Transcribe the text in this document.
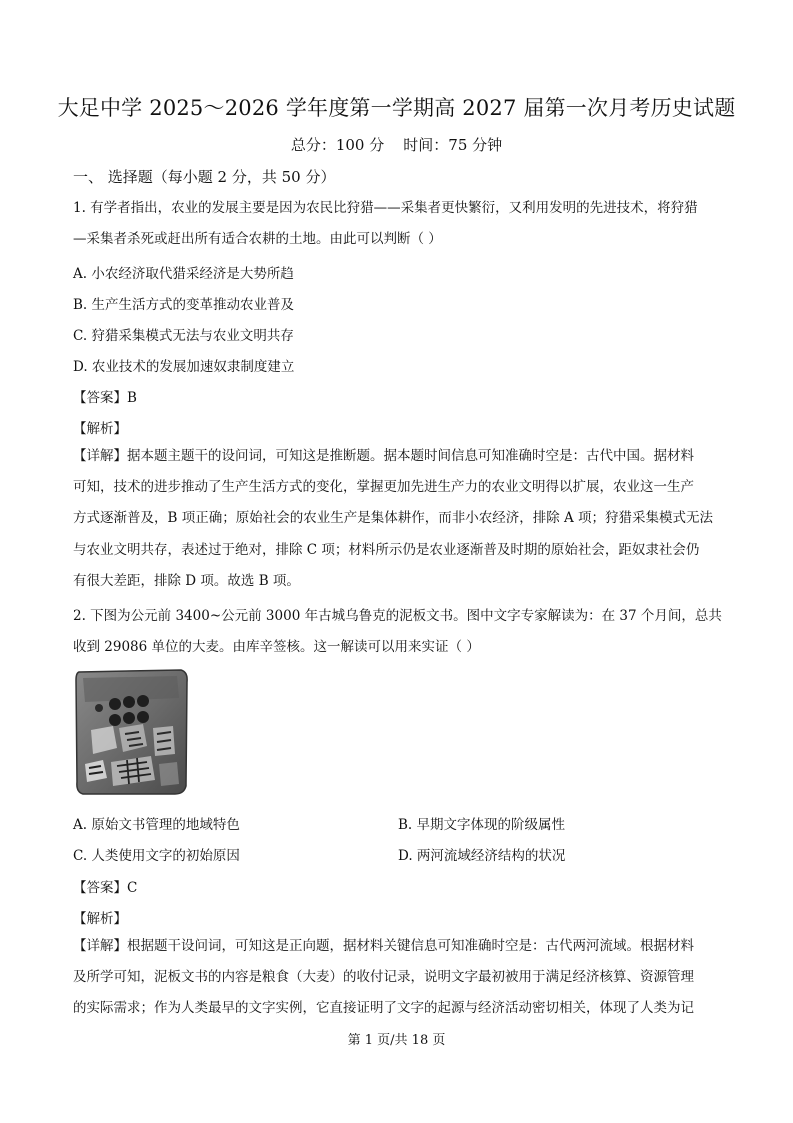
大足中学 2025～2026 学年度第一学期高 2027 届第一次月考历史试题
总分：100 分    时间：75 分钟
一、 选择题（每小题 2 分，共 50 分）
1. 有学者指出，农业的发展主要是因为农民比狩猎——采集者更快繁衍，又利用发明的先进技术，将狩猎
—采集者杀死或赶出所有适合农耕的土地。由此可以判断（ ）
A. 小农经济取代猎采经济是大势所趋
B. 生产生活方式的变革推动农业普及
C. 狩猎采集模式无法与农业文明共存
D. 农业技术的发展加速奴隶制度建立
【答案】B
【解析】
【详解】据本题主题干的设问词，可知这是推断题。据本题时间信息可知准确时空是：古代中国。据材料
可知，技术的进步推动了生产生活方式的变化，掌握更加先进生产力的农业文明得以扩展，农业这一生产
方式逐渐普及，B 项正确；原始社会的农业生产是集体耕作，而非小农经济，排除 A 项；狩猎采集模式无法
与农业文明共存，表述过于绝对，排除 C 项；材料所示仍是农业逐渐普及时期的原始社会，距奴隶社会仍
有很大差距，排除 D 项。故选 B 项。
2. 下图为公元前 3400~公元前 3000 年古城乌鲁克的泥板文书。图中文字专家解读为：在 37 个月间，总共
收到 29086 单位的大麦。由库辛签核。这一解读可以用来实证（ ）
A. 原始文书管理的地域特色	B. 早期文字体现的阶级属性
C. 人类使用文字的初始原因	D. 两河流域经济结构的状况
【答案】C
【解析】
【详解】根据题干设问词，可知这是正向题，据材料关键信息可知准确时空是：古代两河流域。根据材料
及所学可知，泥板文书的内容是粮食（大麦）的收付记录，说明文字最初被用于满足经济核算、资源管理
的实际需求；作为人类最早的文字实例，它直接证明了文字的起源与经济活动密切相关，体现了人类为记
第 1 页/共 18 页
